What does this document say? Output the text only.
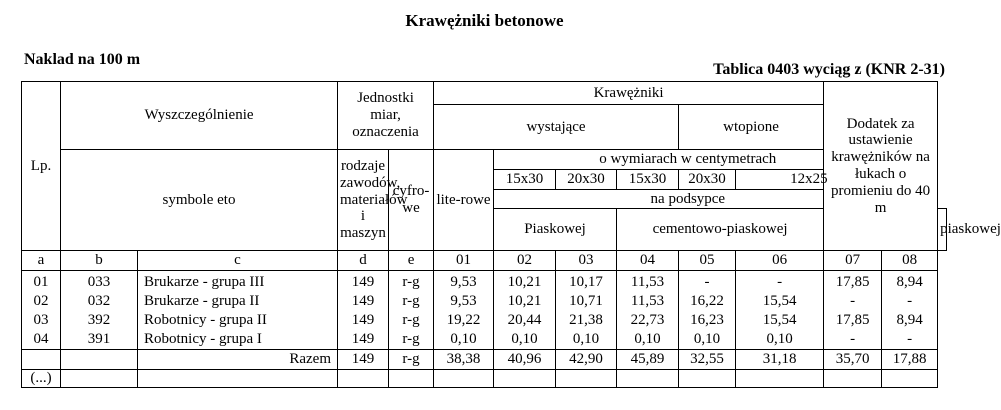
Krawężniki betonowe
Naklad na 100 m
Tablica 0403 wyciąg z (KNR 2-31)
Lp.	Wyszczególnienie		Jednostki miar, oznaczenia		Krawężniki						Dodatek za ustawienie krawężników na łukach o promieniu do 40 m		
					wystające				wtopione				

	symbole eto		rodzaje zawodów, materiałów i maszyn	cyfro-we	lite-rowe	o wymiarach w centymetrach							
						15x30	20x30	15x30	20x30	12x25			
						na podsypce							
						Piaskowej		cementowo-piaskowej					piaskowej

a	b	c	d	e	01	02	03	04	05	06	07	08	
01	033	Brukarze - grupa III	149	r-g	9,53	10,21	10,17	11,53	-	-	17,85	8,94	
02	032	Brukarze - grupa II	149	r-g	9,53	10,21	10,71	11,53	16,22	15,54	-	-	
03	392	Robotnicy - grupa II	149	r-g	19,22	20,44	21,38	22,73	16,23	15,54	17,85	8,94	
04	391	Robotnicy - grupa I	149	r-g	0,10	0,10	0,10	0,10	0,10	0,10	-	-	
		Razem	149	r-g	38,38	40,96	42,90	45,89	32,55	31,18	35,70	17,88	
(...)													
